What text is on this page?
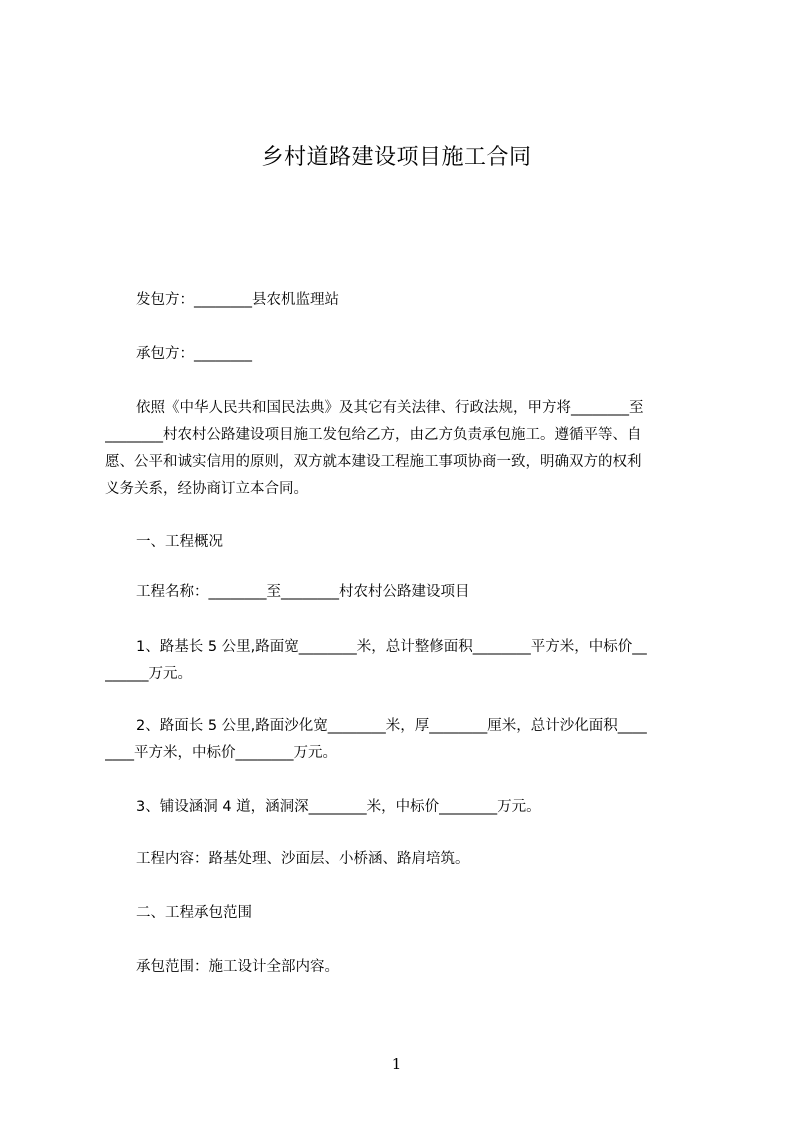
乡村道路建设项目施工合同
发包方：________县农机监理站
承包方：________
依照《中华人民共和国民法典》及其它有关法律、行政法规，甲方将________至
________村农村公路建设项目施工发包给乙方，由乙方负责承包施工。遵循平等、自
愿、公平和诚实信用的原则，双方就本建设工程施工事项协商一致，明确双方的权利
义务关系，经协商订立本合同。
一、工程概况
工程名称：________至________村农村公路建设项目
1、路基长 5 公里,路面宽________米，总计整修面积________平方米，中标价__
______万元。
2、路面长 5 公里,路面沙化宽________米，厚________厘米，总计沙化面积____
____平方米，中标价________万元。
3、铺设涵洞 4 道，涵洞深________米，中标价________万元。
工程内容：路基处理、沙面层、小桥涵、路肩培筑。
二、工程承包范围
承包范围：施工设计全部内容。
1
